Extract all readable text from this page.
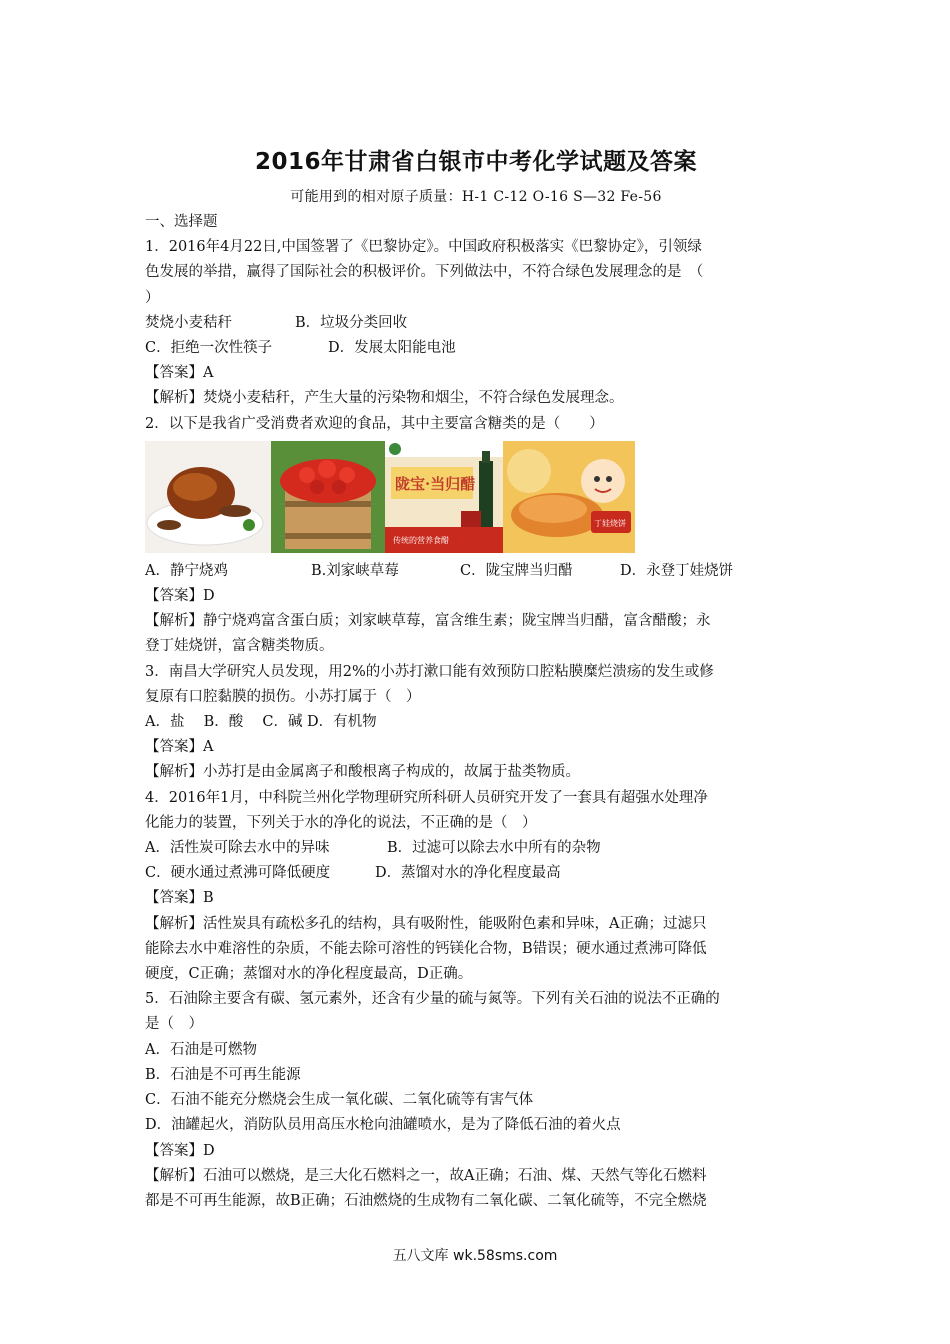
2016年甘肃省白银市中考化学试题及答案

可能用到的相对原子质量：H-1 C-12 O-16 S—32 Fe-56

一、选择题

1．2016年4月22日,中国签署了《巴黎协定》。中国政府积极落实《巴黎协定》，引领绿

色发展的举措，赢得了国际社会的积极评价。下列做法中，不符合绿色发展理念的是　（

）

焚烧小麦秸秆	B．垃圾分类回收
C．拒绝一次性筷子	D．发展太阳能电池

【答案】A

【解析】焚烧小麦秸秆，产生大量的污染物和烟尘，不符合绿色发展理念。

2．以下是我省广受消费者欢迎的食品，其中主要富含糖类的是（　　）

陇宝·当归醋
传统的营养食醋
丁娃烧饼
A．静宁烧鸡	B.刘家峡草莓	C．陇宝牌当归醋	D．永登丁娃烧饼

【答案】D

【解析】静宁烧鸡富含蛋白质；刘家峡草莓，富含维生素；陇宝牌当归醋，富含醋酸；永

登丁娃烧饼，富含糖类物质。

3．南昌大学研究人员发现，用2%的小苏打漱口能有效预防口腔粘膜糜烂溃疡的发生或修

复原有口腔黏膜的损伤。小苏打属于（　）

A．盐　 B．酸　 C．碱 D．有机物

【答案】A

【解析】小苏打是由金属离子和酸根离子构成的，故属于盐类物质。

4．2016年1月，中科院兰州化学物理研究所科研人员研究开发了一套具有超强水处理净

化能力的装置，下列关于水的净化的说法，不正确的是（　）

A．活性炭可除去水中的异味	B．过滤可以除去水中所有的杂物
C．硬水通过煮沸可降低硬度	D．蒸馏对水的净化程度最高

【答案】B

【解析】活性炭具有疏松多孔的结构，具有吸附性，能吸附色素和异味，A正确；过滤只

能除去水中难溶性的杂质，不能去除可溶性的钙镁化合物，B错误；硬水通过煮沸可降低

硬度，C正确；蒸馏对水的净化程度最高，D正确。

5．石油除主要含有碳、氢元素外，还含有少量的硫与氮等。下列有关石油的说法不正确的

是（　）

A．石油是可燃物

B．石油是不可再生能源

C．石油不能充分燃烧会生成一氧化碳、二氧化硫等有害气体

D．油罐起火，消防队员用高压水枪向油罐喷水，是为了降低石油的着火点

【答案】D

【解析】石油可以燃烧，是三大化石燃料之一，故A正确；石油、煤、天然气等化石燃料

都是不可再生能源，故B正确；石油燃烧的生成物有二氧化碳、二氧化硫等，不完全燃烧

五八文库 wk.58sms.com
